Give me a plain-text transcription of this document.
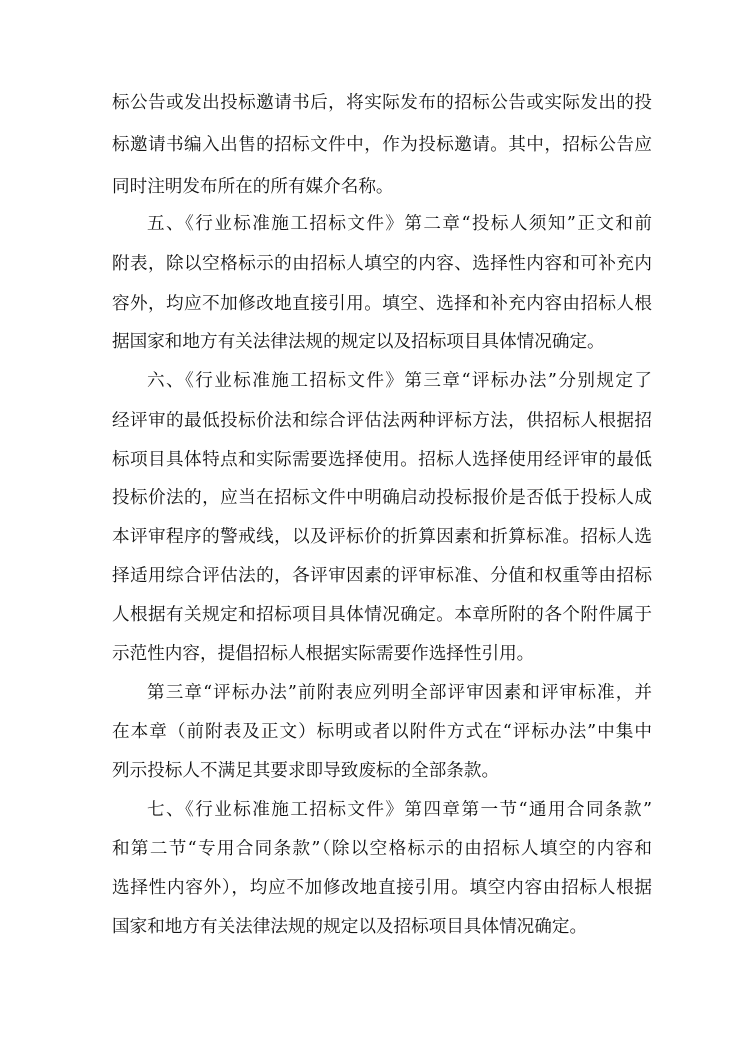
标公告或发出投标邀请书后，将实际发布的招标公告或实际发出的投
标邀请书编入出售的招标文件中，作为投标邀请。其中，招标公告应
同时注明发布所在的所有媒介名称。
五、《行业标准施工招标文件》第二章“投标人须知”正文和前
附表，除以空格标示的由招标人填空的内容、选择性内容和可补充内
容外，均应不加修改地直接引用。填空、选择和补充内容由招标人根
据国家和地方有关法律法规的规定以及招标项目具体情况确定。
六、《行业标准施工招标文件》第三章“评标办法”分别规定了
经评审的最低投标价法和综合评估法两种评标方法，供招标人根据招
标项目具体特点和实际需要选择使用。招标人选择使用经评审的最低
投标价法的，应当在招标文件中明确启动投标报价是否低于投标人成
本评审程序的警戒线，以及评标价的折算因素和折算标准。招标人选
择适用综合评估法的，各评审因素的评审标准、分值和权重等由招标
人根据有关规定和招标项目具体情况确定。本章所附的各个附件属于
示范性内容，提倡招标人根据实际需要作选择性引用。
第三章“评标办法”前附表应列明全部评审因素和评审标准，并
在本章（前附表及正文）标明或者以附件方式在“评标办法”中集中
列示投标人不满足其要求即导致废标的全部条款。
七、《行业标准施工招标文件》第四章第一节“通用合同条款”
和第二节“专用合同条款”（除以空格标示的由招标人填空的内容和
选择性内容外），均应不加修改地直接引用。填空内容由招标人根据
国家和地方有关法律法规的规定以及招标项目具体情况确定。
